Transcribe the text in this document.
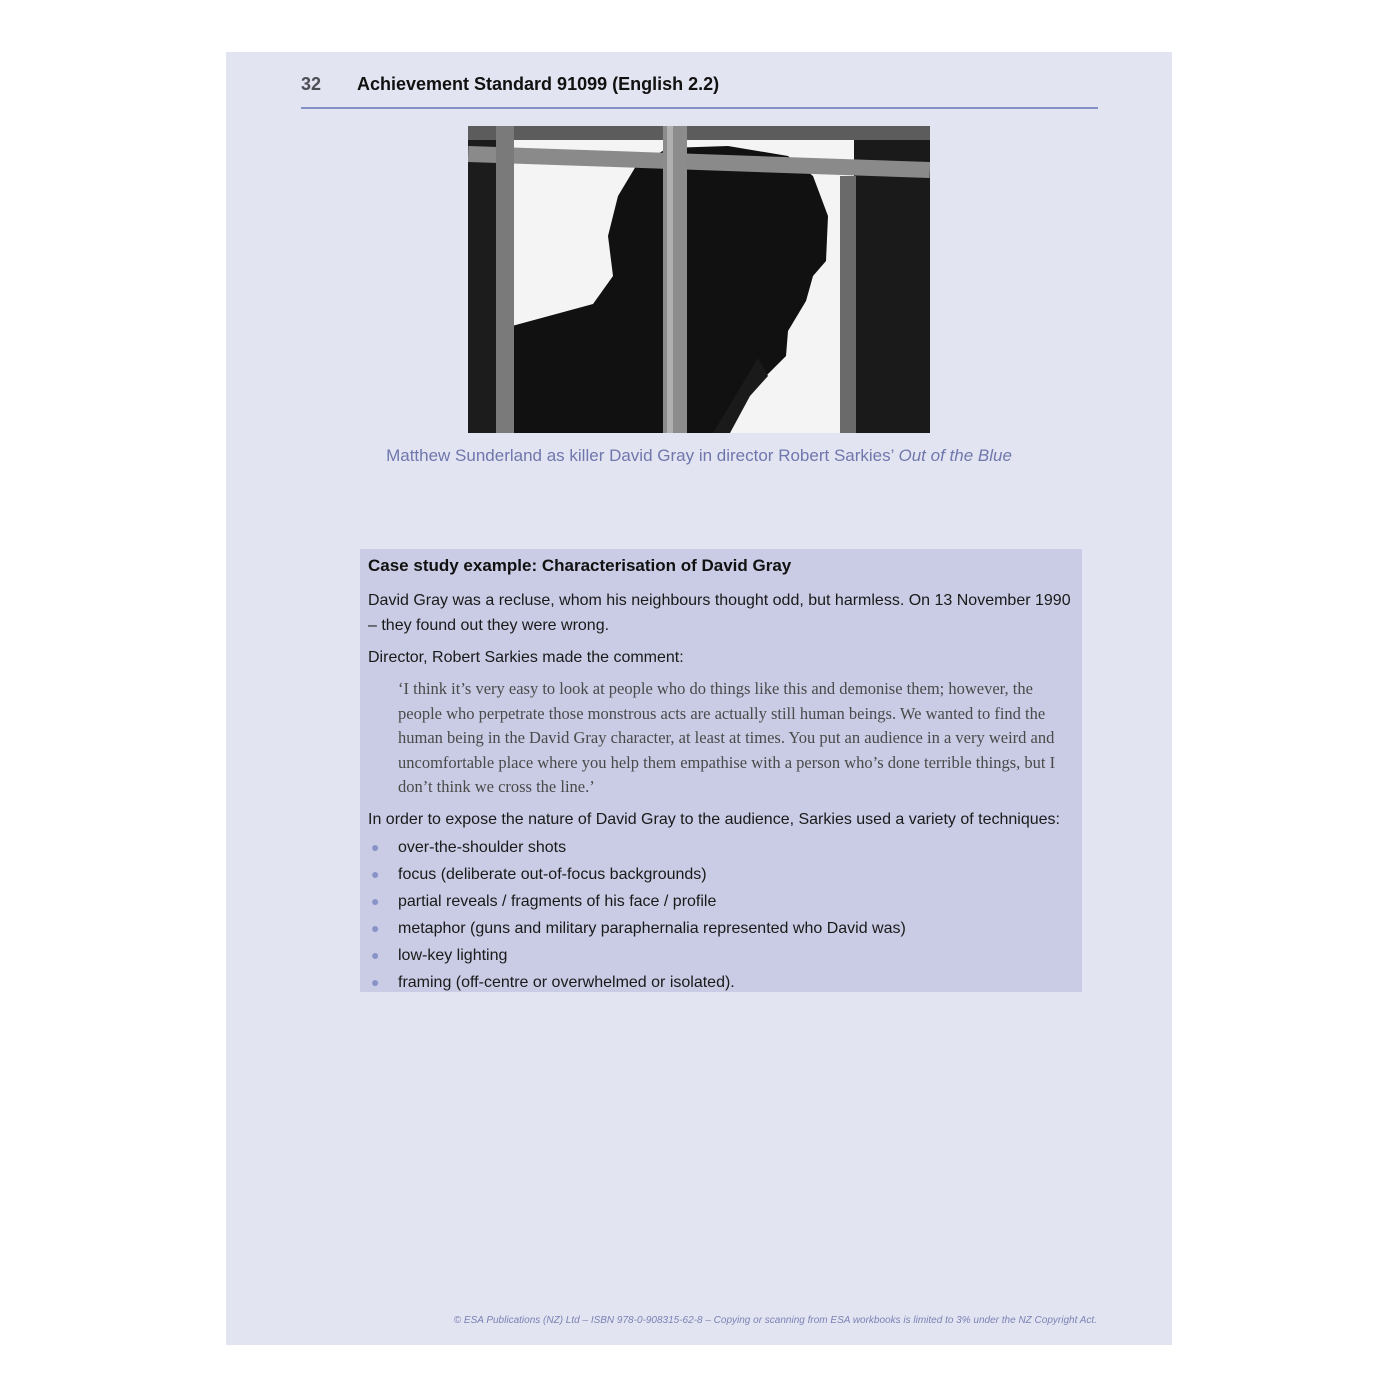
32 Achievement Standard 91099 (English 2.2)
Matthew Sunderland as killer David Gray in director Robert Sarkies’ Out of the Blue
Case study example: Characterisation of David Gray

David Gray was a recluse, whom his neighbours thought odd, but harmless. On 13 November 1990 – they found out they were wrong.

Director, Robert Sarkies made the comment:

‘I think it’s very easy to look at people who do things like this and demonise them; however, the people who perpetrate those monstrous acts are actually still human beings. We wanted to find the human being in the David Gray character, at least at times. You put an audience in a very weird and uncomfortable place where you help them empathise with a person who’s done terrible things, but I don’t think we cross the line.’

In order to expose the nature of David Gray to the audience, Sarkies used a variety of techniques:

● over-the-shoulder shots
● focus (deliberate out-of-focus backgrounds)
● partial reveals / fragments of his face / profile
● metaphor (guns and military paraphernalia represented who David was)
● low-key lighting
● framing (off-centre or overwhelmed or isolated).
© ESA Publications (NZ) Ltd – ISBN 978-0-908315-62-8 – Copying or scanning from ESA workbooks is limited to 3% under the NZ Copyright Act.
